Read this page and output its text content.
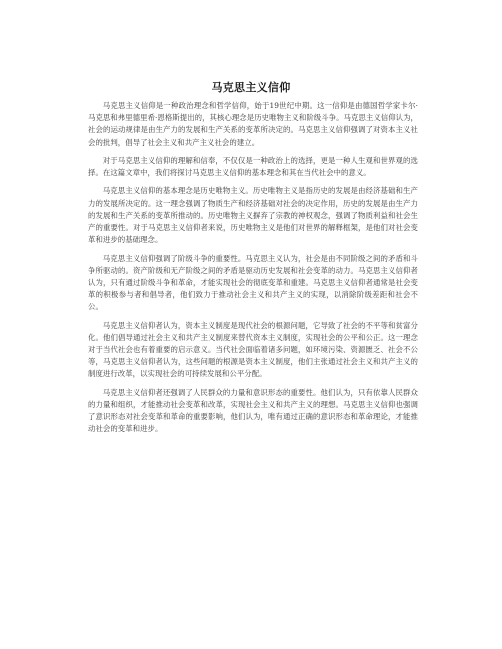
马克思主义信仰

马克思主义信仰是一种政治理念和哲学信仰，始于19世纪中期。这一信仰是由德国哲学家卡尔·马克思和弗里德里希·恩格斯提出的，其核心理念是历史唯物主义和阶级斗争。马克思主义信仰认为，社会的运动规律是由生产力的发展和生产关系的变革所决定的。马克思主义信仰强调了对资本主义社会的批判，倡导了社会主义和共产主义社会的建立。

对于马克思主义信仰的理解和信奉，不仅仅是一种政治上的选择，更是一种人生观和世界观的选择。在这篇文章中，我们将探讨马克思主义信仰的基本理念和其在当代社会中的意义。

马克思主义信仰的基本理念是历史唯物主义。历史唯物主义是指历史的发展是由经济基础和生产力的发展所决定的。这一理念强调了物质生产和经济基础对社会的决定作用，历史的发展是由生产力的发展和生产关系的变革所推动的。历史唯物主义摒弃了宗教的神权观念，强调了物质利益和社会生产的重要性。对于马克思主义信仰者来说，历史唯物主义是他们对世界的解释框架，是他们对社会变革和进步的基础理念。

马克思主义信仰强调了阶级斗争的重要性。马克思主义认为，社会是由不同阶级之间的矛盾和斗争所驱动的。资产阶级和无产阶级之间的矛盾是驱动历史发展和社会变革的动力。马克思主义信仰者认为，只有通过阶级斗争和革命，才能实现社会的彻底变革和重建。马克思主义信仰者通常是社会变革的积极参与者和倡导者，他们致力于推动社会主义和共产主义的实现，以消除阶级差距和社会不公。

马克思主义信仰者认为，资本主义制度是现代社会的根源问题，它导致了社会的不平等和贫富分化。他们倡导通过社会主义和共产主义制度来替代资本主义制度，实现社会的公平和公正。这一理念对于当代社会也有着重要的启示意义。当代社会面临着诸多问题，如环境污染、资源匮乏、社会不公等，马克思主义信仰者认为，这些问题的根源是资本主义制度，他们主张通过社会主义和共产主义的制度进行改革，以实现社会的可持续发展和公平分配。

马克思主义信仰者还强调了人民群众的力量和意识形态的重要性。他们认为，只有依靠人民群众的力量和组织，才能推动社会变革和改革，实现社会主义和共产主义的理想。马克思主义信仰也强调了意识形态对社会变革和革命的重要影响，他们认为，唯有通过正确的意识形态和革命理论，才能推动社会的变革和进步。
